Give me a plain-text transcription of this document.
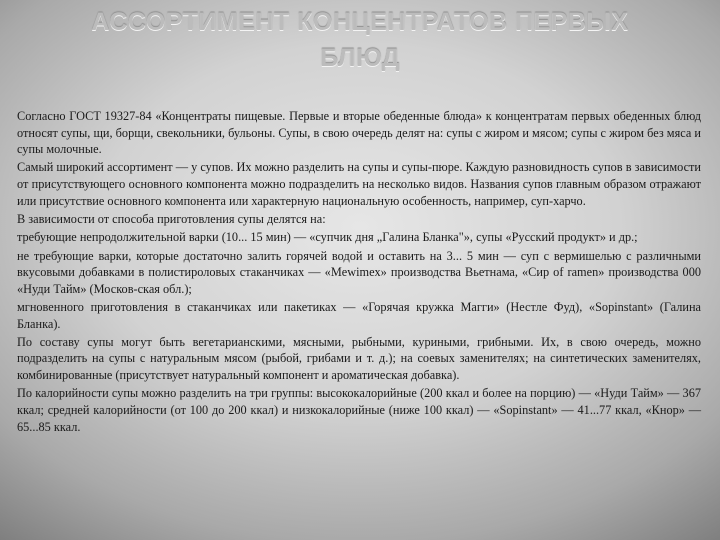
АССОРТИМЕНТ КОНЦЕНТРАТОВ ПЕРВЫХ БЛЮД

Согласно ГОСТ 19327-84 «Концентраты пищевые. Первые и вторые обеденные блюда» к концентратам первых обеденных блюд относят супы, щи, борщи, свекольники, бульоны. Супы, в свою очередь делят на: супы с жиром и мясом; супы с жиром без мяса и супы молочные.

Самый широкий ассортимент — у супов. Их можно разделить на супы и супы-пюре. Каждую разновидность супов в зависимости от присутствующего основного компонента можно подразделить на несколько видов. Названия супов главным образом отражают или присутствие основного компонента или характерную национальную особенность, например, суп-харчо.

В зависимости от способа приготовления супы делятся на:

требующие непродолжительной варки (10... 15 мин) — «супчик дня „Галина Бланка"», супы «Русский продукт» и др.;

не требующие варки, которые достаточно залить горячей водой и оставить на 3... 5 мин — суп с вермишелью с различными вкусовыми добавками в полистироловых стаканчиках — «Mewimex» производства Вьетнама, «Сир of ramen» производства 000 «Нуди Тайм» (Москов-ская обл.);

мгновенного приготовления в стаканчиках или пакетиках — «Горячая кружка Магги» (Нестле Фуд), «Sopinstant» (Галина Бланка).

По составу супы могут быть вегетарианскими, мясными, рыбными, куриными, грибными. Их, в свою очередь, можно подразделить на супы с натуральным мясом (рыбой, грибами и т. д.); на соевых заменителях; на синтетических заменителях, комбинированные (присутствует натуральный компонент и ароматическая добавка).

По калорийности супы можно разделить на три группы: высококалорийные (200 ккал и более на порцию) — «Нуди Тайм» — 367 ккал; средней калорийности (от 100 до 200 ккал) и низкокалорийные (ниже 100 ккал) — «Sopinstant» — 41...77 ккал, «Кнор» — 65...85 ккал.
